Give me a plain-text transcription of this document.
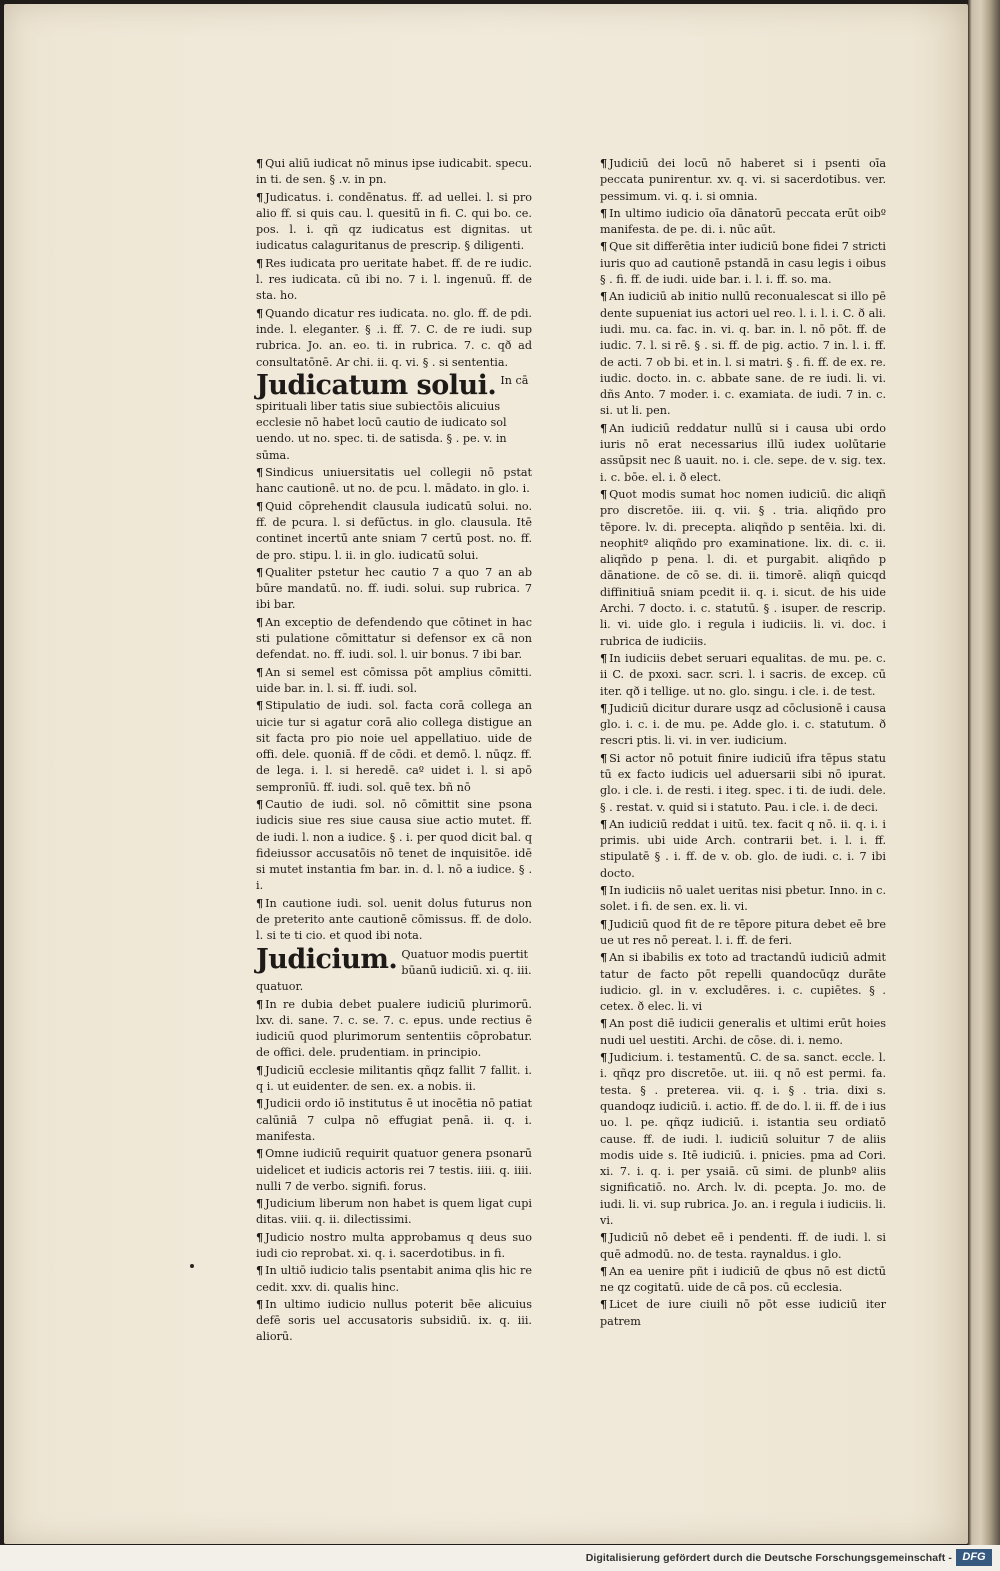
¶ Qui aliū iudicat nō minus ipse iudicabit. specu. in ti. de sen. § .v. in pn.
¶ Judicatus. i. condēnatus. ff. ad uellei. l. si pro alio ff. si quis cau. l. quesitū in fi. C. qui bo. ce. pos. l. i. qñ qz iudicatus est dignitas. ut iudicatus calaguritanus de prescrip. § diligenti.
¶ Res iudicata pro ueritate habet. ff. de re iudic. l. res iudicata. cū ibi no. 7 i. l. ingenuū. ff. de sta. ho.
¶ Quando dicatur res iudicata. no. glo. ff. de pdi. inde. l. eleganter. § .i. ff. 7. C. de re iudi. sup rubrica. Jo. an. eo. ti. in rubrica. 7. c. qð ad consultatōnē. Ar chi. ii. q. vi. § . si sententia.
Judicatum solui. In cā spirituali liber tatis siue subiectōis alicuius ecclesie nō habet locū cautio de iudicato sol uendo. ut no. spec. ti. de satisda. § . pe. v. in sūma.
¶ Sindicus uniuersitatis uel collegii nō pstat hanc cautionē. ut no. de pcu. l. mādato. in glo. i.
¶ Quid cōprehendit clausula iudicatū solui. no. ff. de pcura. l. si defūctus. in glo. clausula. Itē continet incertū ante sniam 7 certū post. no. ff. de pro. stipu. l. ii. in glo. iudicatū solui.
¶ Qualiter pstetur hec cautio 7 a quo 7 an ab būre mandatū. no. ff. iudi. solui. sup rubrica. 7 ibi bar.
¶ An exceptio de defendendo que cōtinet in hac sti pulatione cōmittatur si defensor ex cā non defendat. no. ff. iudi. sol. l. uir bonus. 7 ibi bar.
¶ An si semel est cōmissa pōt amplius cōmitti. uide bar. in. l. si. ff. iudi. sol.
¶ Stipulatio de iudi. sol. facta corā collega an uicie tur si agatur corā alio collega distigue an sit facta pro pio noie uel appellatiuo. uide de offi. dele. quoniā. ff de cōdi. et demō. l. nūqz. ff. de lega. i. l. si heredē. caº uidet i. l. si apō sempronīū. ff. iudi. sol. quē tex. bñ nō
¶ Cautio de iudi. sol. nō cōmittit sine psona iudicis siue res siue causa siue actio mutet. ff. de iudi. l. non a iudice. § . i. per quod dicit bal. q fideiussor accusatōis nō tenet de inquisitōe. idē si mutet instantia fm bar. in. d. l. nō a iudice. § . i.
¶ In cautione iudi. sol. uenit dolus futurus non de preterito ante cautionē cōmissus. ff. de dolo. l. si te ti cio. et quod ibi nota.
Judicium. Quatuor modis puertit būanū iudiciū. xi. q. iii. quatuor.
¶ In re dubia debet pualere iudiciū plurimorū. lxv. di. sane. 7. c. se. 7. c. epus. unde rectius ē iudiciū quod plurimorum sententiis cōprobatur. de offici. dele. prudentiam. in principio.
¶ Judiciū ecclesie militantis qñqz fallit 7 fallit. i. q i. ut euidenter. de sen. ex. a nobis. ii.
¶ Judicii ordo iō institutus ē ut inocētia nō patiat calūniā 7 culpa nō effugiat penā. ii. q. i. manifesta.
¶ Omne iudiciū requirit quatuor genera psonarū uidelicet et iudicis actoris rei 7 testis. iiii. q. iiii. nulli 7 de verbo. signifi. forus.
¶ Judicium liberum non habet is quem ligat cupi ditas. viii. q. ii. dilectissimi.
¶ Judicio nostro multa approbamus q deus suo iudi cio reprobat. xi. q. i. sacerdotibus. in fi.
¶ In ultiō iudicio talis psentabit anima qlis hic re cedit. xxv. di. qualis hinc.
¶ In ultimo iudicio nullus poterit bēe alicuius defē soris uel accusatoris subsidiū. ix. q. iii. aliorū.
¶ Judiciū dei locū nō haberet si i psenti oīa peccata punirentur. xv. q. vi. si sacerdotibus. ver. pessimum. vi. q. i. si omnia.
¶ In ultimo iudicio oīa dānatorū peccata erūt oibº manifesta. de pe. di. i. nūc aūt.
¶ Que sit differētia inter iudiciū bone fidei 7 stricti iuris quo ad cautionē pstandā in casu legis i oibus § . fi. ff. de iudi. uide bar. i. l. i. ff. so. ma.
¶ An iudiciū ab initio nullū reconualescat si illo pē dente supueniat ius actori uel reo. l. i. l. i. C. ð ali. iudi. mu. ca. fac. in. vi. q. bar. in. l. nō pōt. ff. de iudic. 7. l. si rē. § . si. ff. de pig. actio. 7 in. l. i. ff. de acti. 7 ob bi. et in. l. si matri. § . fi. ff. de ex. re. iudic. docto. in. c. abbate sane. de re iudi. li. vi. dñs Anto. 7 moder. i. c. examiata. de iudi. 7 in. c. si. ut li. pen.
¶ An iudiciū reddatur nullū si i causa ubi ordo iuris nō erat necessarius illū iudex uolūtarie assūpsit nec ß uauit. no. i. cle. sepe. de v. sig. tex. i. c. bōe. el. i. ð elect.
¶ Quot modis sumat hoc nomen iudiciū. dic aliqñ pro discretōe. iii. q. vii. § . tria. aliqñdo pro tēpore. lv. di. precepta. aliqñdo p sentēia. lxi. di. neophitº aliqñdo pro examinatione. lix. di. c. ii. aliqñdo p pena. l. di. et purgabit. aliqñdo p dānatione. de cō se. di. ii. timorē. aliqñ quicqd diffinitiuā sniam pcedit ii. q. i. sicut. de his uide Archi. 7 docto. i. c. statutū. § . isuper. de rescrip. li. vi. uide glo. i regula i iudiciis. li. vi. doc. i rubrica de iudiciis.
¶ In iudiciis debet seruari equalitas. de mu. pe. c. ii C. de pxoxi. sacr. scri. l. i sacris. de excep. cū iter. qð i tellige. ut no. glo. singu. i cle. i. de test.
¶ Judiciū dicitur durare usqz ad cōclusionē i causa glo. i. c. i. de mu. pe. Adde glo. i. c. statutum. ð rescri ptis. li. vi. in ver. iudicium.
¶ Si actor nō potuit finire iudiciū ifra tēpus statu tū ex facto iudicis uel aduersarii sibi nō ipurat. glo. i cle. i. de resti. i iteg. spec. i ti. de iudi. dele. § . restat. v. quid si i statuto. Pau. i cle. i. de deci.
¶ An iudiciū reddat i uitū. tex. facit q nō. ii. q. i. i primis. ubi uide Arch. contrarii bet. i. l. i. ff. stipulatē § . i. ff. de v. ob. glo. de iudi. c. i. 7 ibi docto.
¶ In iudiciis nō ualet ueritas nisi pbetur. Inno. in c. solet. i fi. de sen. ex. li. vi.
¶ Judiciū quod fit de re tēpore pitura debet eē bre ue ut res nō pereat. l. i. ff. de feri.
¶ An si ibabilis ex toto ad tractandū iudiciū admit tatur de facto pōt repelli quandocūqz durāte iudicio. gl. in v. excludēres. i. c. cupiētes. § . cetex. ð elec. li. vi
¶ An post diē iudicii generalis et ultimi erūt hoies nudi uel uestiti. Archi. de cōse. di. i. nemo.
¶ Judicium. i. testamentū. C. de sa. sanct. eccle. l. i. qñqz pro discretōe. ut. iii. q nō est permi. fa. testa. § . preterea. vii. q. i. § . tria. dixi s. quandoqz iudiciū. i. actio. ff. de do. l. ii. ff. de i ius uo. l. pe. qñqz iudiciū. i. istantia seu ordiatō cause. ff. de iudi. l. iudiciū soluitur 7 de aliis modis uide s. Itē iudiciū. i. pnicies. pma ad Cori. xi. 7. i. q. i. per ysaiā. cū simi. de plunbº aliis significatiō. no. Arch. lv. di. pcepta. Jo. mo. de iudi. li. vi. sup rubrica. Jo. an. i regula i iudiciis. li. vi.
¶ Judiciū nō debet eē i pendenti. ff. de iudi. l. si quē admodū. no. de testa. raynaldus. i glo.
¶ An ea uenire pñt i iudiciū de qbus nō est dictū ne qz cogitatū. uide de cā pos. cū ecclesia.
¶ Licet de iure ciuili nō pōt esse iudiciū iter patrem
Digitalisierung gefördert durch die Deutsche Forschungsgemeinschaft - DFG
